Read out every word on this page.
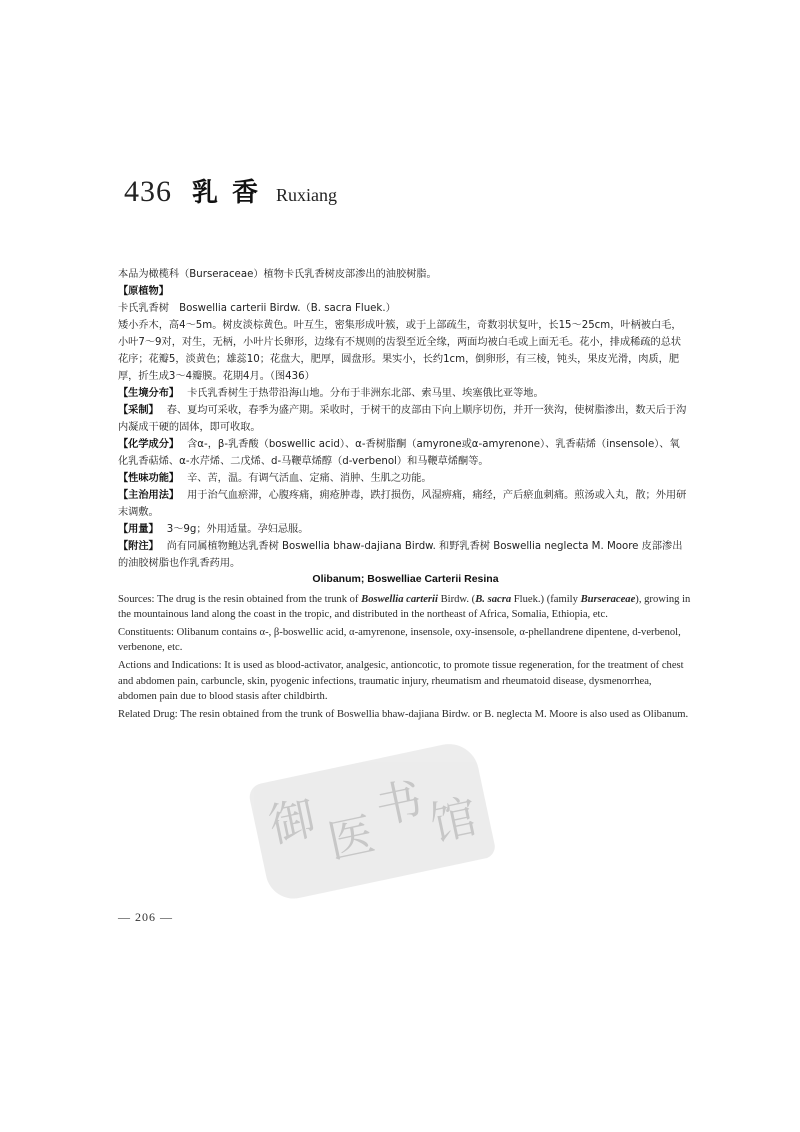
436 乳香 Ruxiang

本品为橄榄科（Burseraceae）植物卡氏乳香树皮部渗出的油胶树脂。

【原植物】

卡氏乳香树　Boswellia carterii Birdw.（B. sacra Fluek.）

矮小乔木，高4～5m。树皮淡棕黄色。叶互生，密集形成叶簇，或于上部疏生，奇数羽状复叶，长15～25cm，叶柄被白毛，小叶7～9对，对生，无柄，小叶片长卵形，边缘有不规则的齿裂至近全缘，两面均被白毛或上面无毛。花小，排成稀疏的总状花序；花瓣5，淡黄色；雄蕊10；花盘大，肥厚，圆盘形。果实小，长约1cm，倒卵形，有三棱，钝头，果皮光滑，肉质，肥厚，折生成3～4瓣膜。花期4月。（图436）

【生境分布】 卡氏乳香树生于热带沿海山地。分布于非洲东北部、索马里、埃塞俄比亚等地。

【采制】 春、夏均可采收，春季为盛产期。采收时，于树干的皮部由下向上顺序切伤，并开一狭沟，使树脂渗出，数天后于沟内凝成干硬的固体，即可收取。

【化学成分】 含α-，β-乳香酸（boswellic acid）、α-香树脂酮（amyrone或α-amyrenone）、乳香萜烯（insensole）、氧化乳香萜烯、α-水芹烯、二戊烯、d-马鞭草烯醇（d-verbenol）和马鞭草烯酮等。

【性味功能】 辛、苦，温。有调气活血、定痛、消肿、生肌之功能。

【主治用法】 用于治气血瘀滞，心腹疼痛，痈疮肿毒，跌打损伤，风湿痹痛，痛经，产后瘀血刺痛。煎汤或入丸，散；外用研末调敷。

【用量】 3～9g；外用适量。孕妇忌服。

【附注】 尚有同属植物鲍达乳香树 Boswellia bhaw-dajiana Birdw. 和野乳香树 Boswellia neglecta M. Moore 皮部渗出的油胶树脂也作乳香药用。

Olibanum; Boswelliae Carterii Resina

Sources: The drug is the resin obtained from the trunk of Boswellia carterii Birdw. (B. sacra Fluek.) (family Burseraceae), growing in the mountainous land along the coast in the tropic, and distributed in the northeast of Africa, Somalia, Ethiopia, etc.

Constituents: Olibanum contains α-, β-boswellic acid, α-amyrenone, insensole, oxy-insensole, α-phellandrene dipentene, d-verbenol, verbenone, etc.

Actions and Indications: It is used as blood-activator, analgesic, antioncotic, to promote tissue regeneration, for the treatment of chest and abdomen pain, carbuncle, skin, pyogenic infections, traumatic injury, rheumatism and rheumatoid disease, dysmenorrhea, abdomen pain due to blood stasis after childbirth.

Related Drug: The resin obtained from the trunk of Boswellia bhaw-dajiana Birdw. or B. neglecta M. Moore is also used as Olibanum.

御 医
书
馆
— 206 —
